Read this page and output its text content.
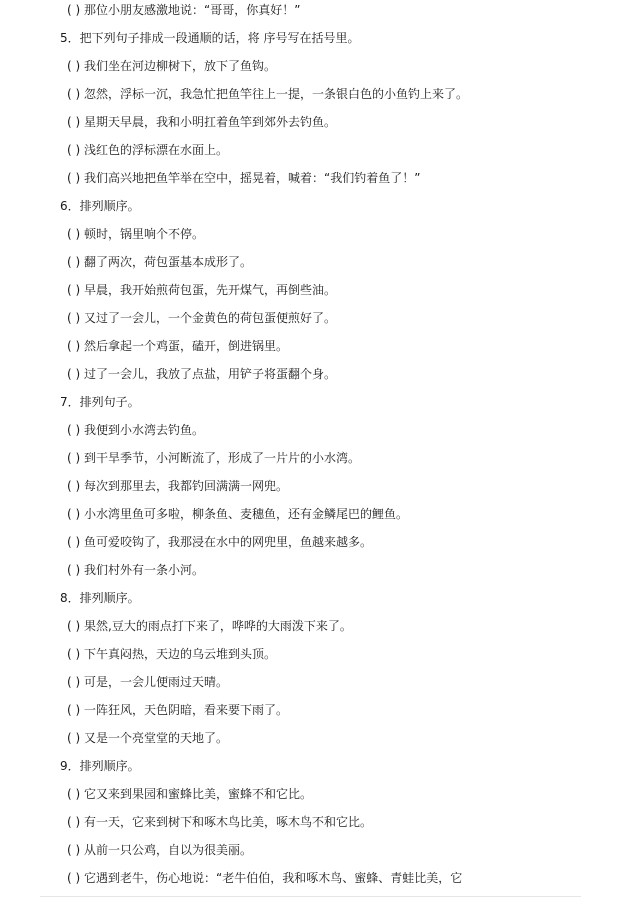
( ) 那位小朋友感激地说：“哥哥，你真好！”
5．把下列句子排成一段通顺的话，将 序号写在括号里。
( ) 我们坐在河边柳树下，放下了鱼钩。
( ) 忽然，浮标一沉，我急忙把鱼竿往上一提，一条银白色的小鱼钓上来了。
( ) 星期天早晨，我和小明扛着鱼竿到郊外去钓鱼。
( ) 浅红色的浮标漂在水面上。
( ) 我们高兴地把鱼竿举在空中，摇晃着，喊着：“我们钓着鱼了！”
6．排列顺序。
( ) 顿时，锅里响个不停。
( ) 翻了两次，荷包蛋基本成形了。
( ) 早晨，我开始煎荷包蛋，先开煤气，再倒些油。
( ) 又过了一会儿，一个金黄色的荷包蛋便煎好了。
( ) 然后拿起一个鸡蛋，磕开，倒进锅里。
( ) 过了一会儿，我放了点盐，用铲子将蛋翻个身。
7．排列句子。
( ) 我便到小水湾去钓鱼。
( ) 到干旱季节，小河断流了，形成了一片片的小水湾。
( ) 每次到那里去，我都钓回满满一网兜。
( ) 小水湾里鱼可多啦，柳条鱼、麦穗鱼，还有金鳞尾巴的鲤鱼。
( ) 鱼可爱咬钩了，我那浸在水中的网兜里，鱼越来越多。
( ) 我们村外有一条小河。
8．排列顺序。
( ) 果然,豆大的雨点打下来了，哗哗的大雨泼下来了。
( ) 下午真闷热，天边的乌云堆到头顶。
( ) 可是，一会儿便雨过天晴。
( ) 一阵狂风，天色阴暗，看来要下雨了。
( ) 又是一个亮堂堂的天地了。
9．排列顺序。
( ) 它又来到果园和蜜蜂比美，蜜蜂不和它比。
( ) 有一天，它来到树下和啄木鸟比美，啄木鸟不和它比。
( ) 从前一只公鸡，自以为很美丽。
( ) 它遇到老牛，伤心地说：“老牛伯伯，我和啄木鸟、蜜蜂、青蛙比美，它
